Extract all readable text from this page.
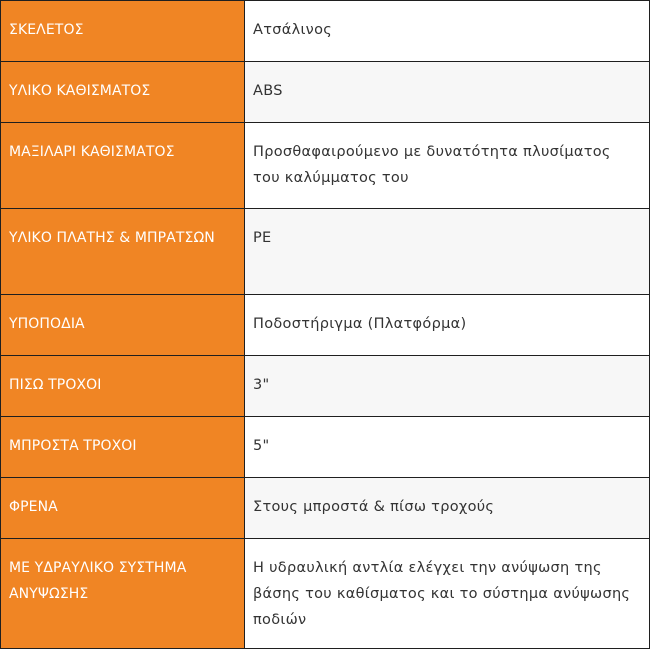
ΣΚΕΛΕΤΟΣ	Ατσάλινος
ΥΛΙΚΟ ΚΑΘΙΣΜΑΤΟΣ	ABS
ΜΑΞΙΛΑΡΙ ΚΑΘΙΣΜΑΤΟΣ	Προσθαφαιρούμενο με δυνατότητα πλυσίματος του καλύμματος του
ΥΛΙΚΟ ΠΛΑΤΗΣ & ΜΠΡΑΤΣΩΝ	PE
ΥΠΟΠΟΔΙΑ	Ποδοστήριγμα (Πλατφόρμα)
ΠΙΣΩ ΤΡΟΧΟΙ	3"
ΜΠΡΟΣΤΑ ΤΡΟΧΟΙ	5"
ΦΡΕΝΑ	Στους μπροστά & πίσω τροχούς
ΜΕ ΥΔΡΑΥΛΙΚΟ ΣΥΣΤΗΜΑ ΑΝΥΨΩΣΗΣ	Η υδραυλική αντλία ελέγχει την ανύψωση της βάσης του καθίσματος και το σύστημα ανύψωσης ποδιών
